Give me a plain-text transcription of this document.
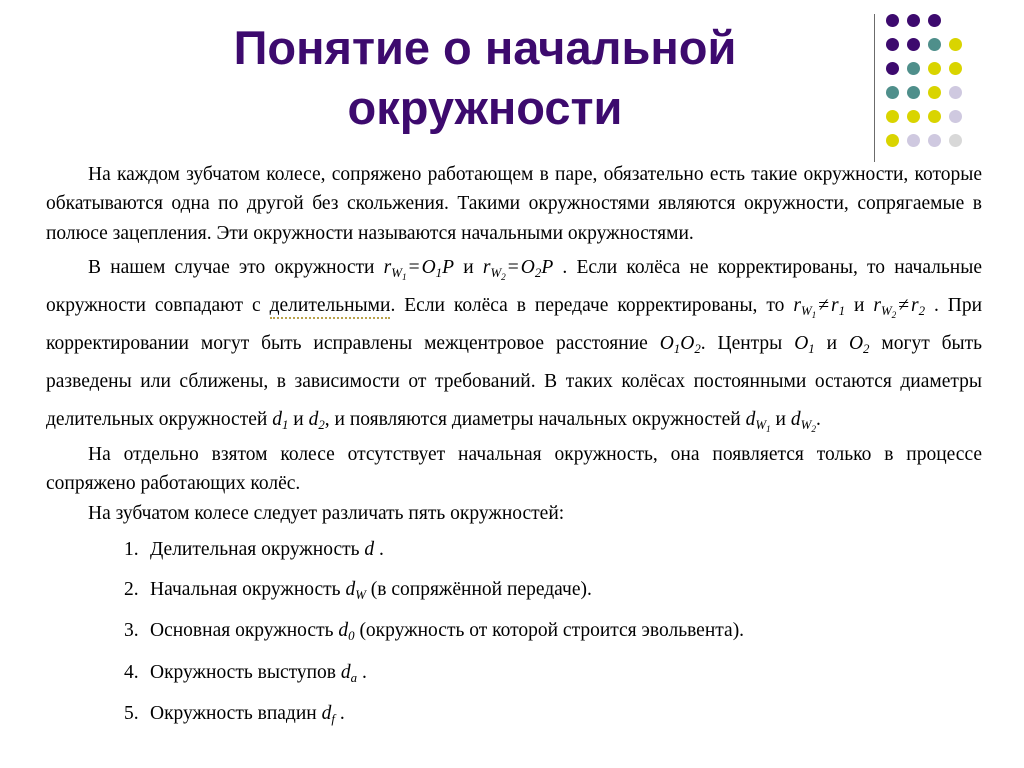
Понятие о начальной
окружности

На каждом зубчатом колесе, сопряжено работающем в паре, обязательно есть такие окружности, которые обкатываются одна по другой без скольжения. Такими окружностями являются окружности, сопрягаемые в полюсе зацепления. Эти окружности называются начальными окружностями.

В нашем случае это окружности $r_{W_1} = O_1P$ и $r_{W_2} = O_2P$ . Если колёса не корректированы, то начальные окружности совпадают с делительными. Если колёса в передаче корректированы, то $r_{W_1} \ne r_1$ и $r_{W_2} \ne r_2$ . При корректировании могут быть исправлены межцентровое расстояние $O_1O_2$. Центры $O_1$ и $O_2$ могут быть разведены или сближены, в зависимости от требований. В таких колёсах постоянными остаются диаметры делительных окружностей $d_1$ и $d_2$, и появляются диаметры начальных окружностей $d_{W_1}$ и $d_{W_2}$.

На отдельно взятом колесе отсутствует начальная окружность, она появляется только в процессе сопряжено работающих колёс.

На зубчатом колесе следует различать пять окружностей:

1. Делительная окружность d .
2. Начальная окружность $d_W$ (в сопряжённой передаче).
3. Основная окружность $d_0$ (окружность от которой строится эвольвента).
4. Окружность выступов $d_a$ .
5. Окружность впадин $d_f$ .
